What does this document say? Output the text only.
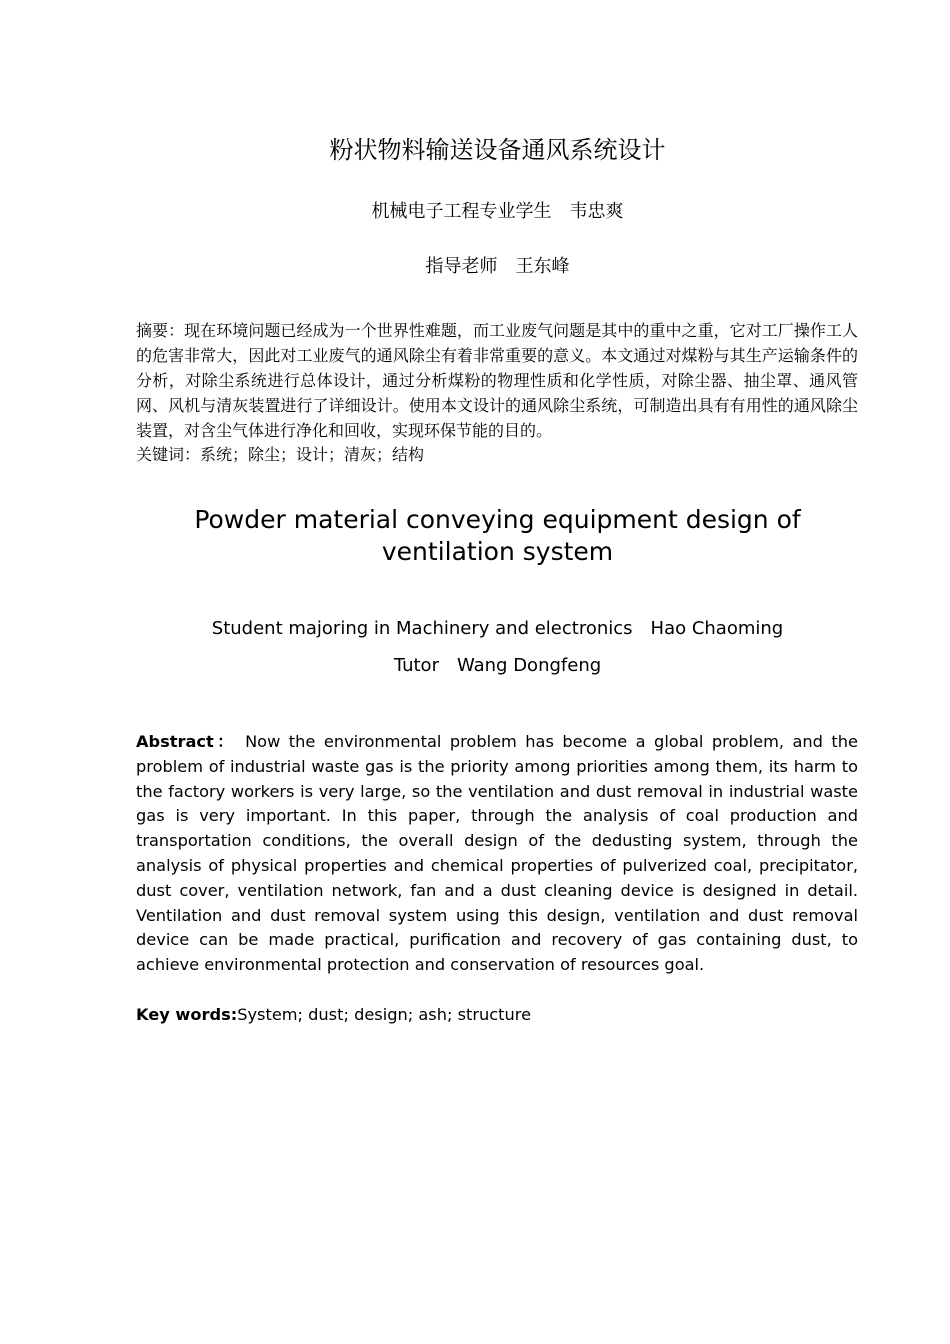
粉状物料输送设备通风系统设计
机械电子工程专业学生 韦忠爽
指导老师 王东峰
摘要：现在环境问题已经成为一个世界性难题，而工业废气问题是其中的重中之重，它对工厂操作工人的危害非常大，因此对工业废气的通风除尘有着非常重要的意义。本文通过对煤粉与其生产运输条件的分析，对除尘系统进行总体设计，通过分析煤粉的物理性质和化学性质，对除尘器、抽尘罩、通风管网、风机与清灰装置进行了详细设计。使用本文设计的通风除尘系统，可制造出具有有用性的通风除尘装置，对含尘气体进行净化和回收，实现环保节能的目的。
关键词：系统；除尘；设计；清灰；结构
Powder material conveying equipment design of ventilation system
Student majoring in Machinery and electronics Hao Chaoming
Tutor Wang Dongfeng
Abstract： Now the environmental problem has become a global problem, and the problem of industrial waste gas is the priority among priorities among them, its harm to the factory workers is very large, so the ventilation and dust removal in industrial waste gas is very important. In this paper, through the analysis of coal production and transportation conditions, the overall design of the dedusting system, through the analysis of physical properties and chemical properties of pulverized coal, precipitator, dust cover, ventilation network, fan and a dust cleaning device is designed in detail. Ventilation and dust removal system using this design, ventilation and dust removal device can be made practical, purification and recovery of gas containing dust, to achieve environmental protection and conservation of resources goal.
Key words:System; dust; design; ash; structure
